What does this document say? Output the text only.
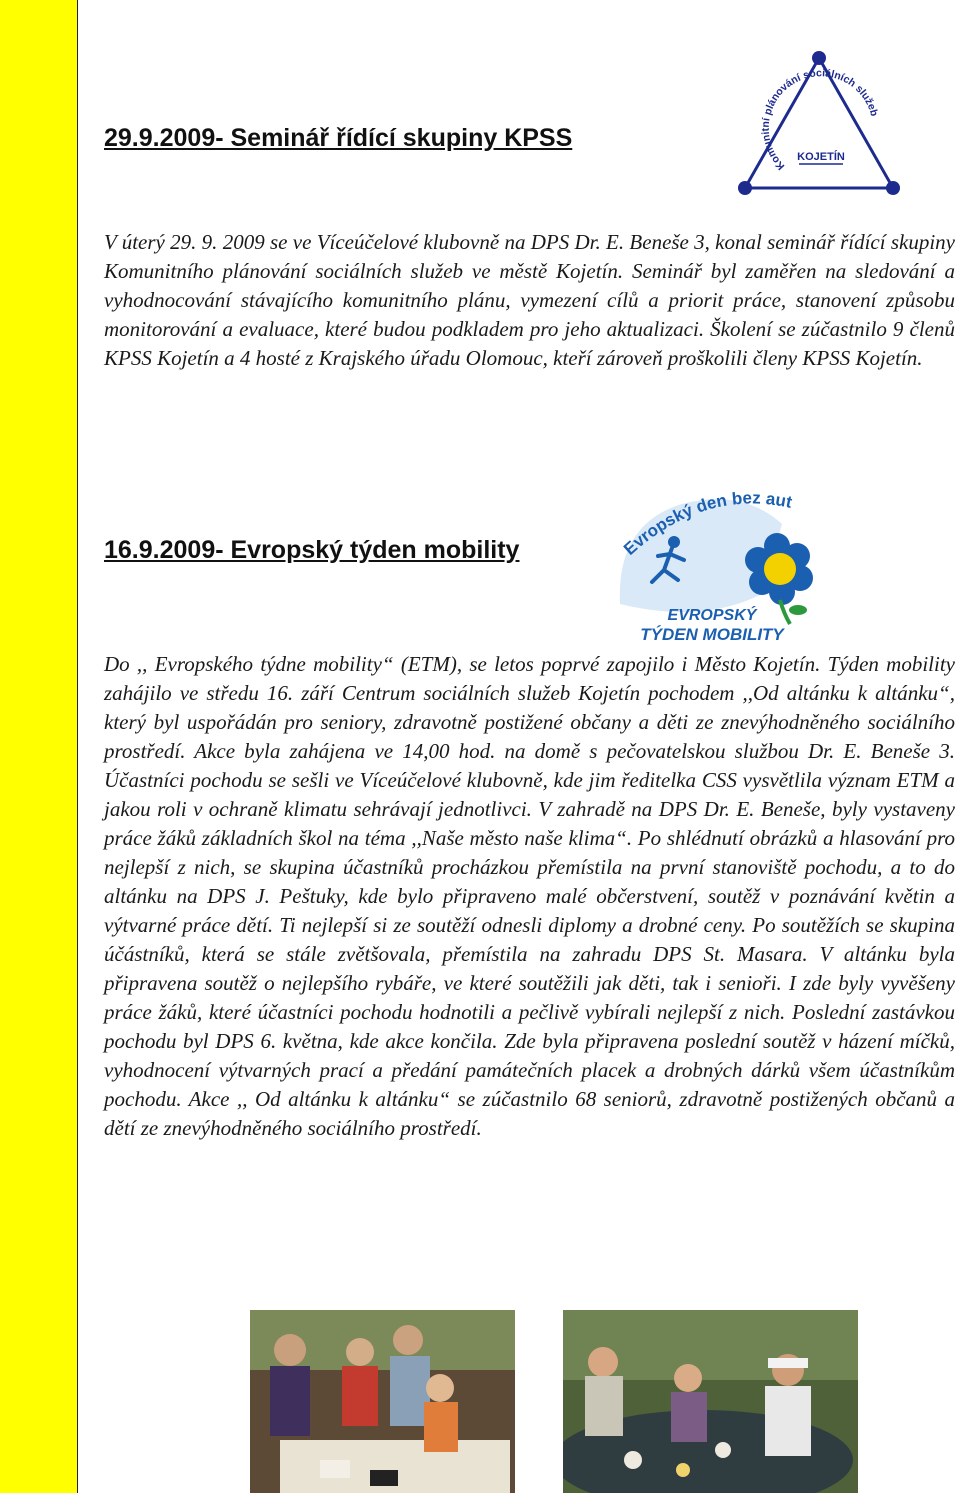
29.9.2009- Seminář řídící skupiny KPSS
Komunitní plánování sociálních služeb
KOJETÍN

V úterý 29. 9. 2009 se ve Víceúčelové klubovně na DPS Dr. E. Beneše 3, konal seminář řídící skupiny Komunitního plánování sociálních služeb ve městě Kojetín. Seminář byl zaměřen na sledování a vyhodnocování stávajícího komunitního plánu, vymezení cílů a priorit práce, stanovení způsobu monitorování a evaluace, které budou podkladem pro jeho aktualizaci. Školení se zúčastnilo 9 členů KPSS Kojetín a 4 hosté z Krajského úřadu Olomouc, kteří zároveň proškolili členy KPSS Kojetín.

16.9.2009- Evropský týden mobility	Evropský den bez aut
EVROPSKÝ
TÝDEN MOBILITY

Do ,, Evropského týdne mobility“ (ETM), se letos poprvé zapojilo i Město Kojetín. Týden mobility zahájilo ve středu 16. září Centrum sociálních služeb Kojetín pochodem ,,Od altánku k altánku“, který byl uspořádán pro seniory, zdravotně postižené občany a děti ze znevýhodněného sociálního prostředí. Akce byla zahájena ve 14,00 hod. na domě s pečovatelskou službou Dr. E. Beneše 3. Účastníci pochodu se sešli ve Víceúčelové klubovně, kde jim ředitelka CSS vysvětlila význam ETM a jakou roli v ochraně klimatu sehrávají jednotlivci. V zahradě na DPS Dr. E. Beneše, byly vystaveny práce žáků základních škol na téma ,,Naše město naše klima“. Po shlédnutí obrázků a hlasování pro nejlepší z nich, se skupina účastníků procházkou přemístila na první stanoviště pochodu, a to do altánku na DPS J. Peštuky, kde bylo připraveno malé občerstvení, soutěž v poznávání květin a výtvarné práce dětí. Ti nejlepší si ze soutěží odnesli diplomy a drobné ceny. Po soutěžích se skupina účástníků, která se stále zvětšovala, přemístila na zahradu DPS St. Masara. V altánku byla připravena soutěž o nejlepšího rybáře, ve které soutěžili jak děti, tak i senioři. I zde byly vyvěšeny práce žáků, které účastníci pochodu hodnotili a pečlivě vybírali nejlepší z nich. Poslední zastávkou pochodu byl DPS 6. května, kde akce končila. Zde byla připravena poslední soutěž v házení míčků, vyhodnocení výtvarných prací a předání památečních placek a drobných dárků všem účastníkům pochodu. Akce ,, Od altánku k altánku“ se zúčastnilo 68 seniorů, zdravotně postižených občanů a dětí ze znevýhodněného sociálního prostředí.
